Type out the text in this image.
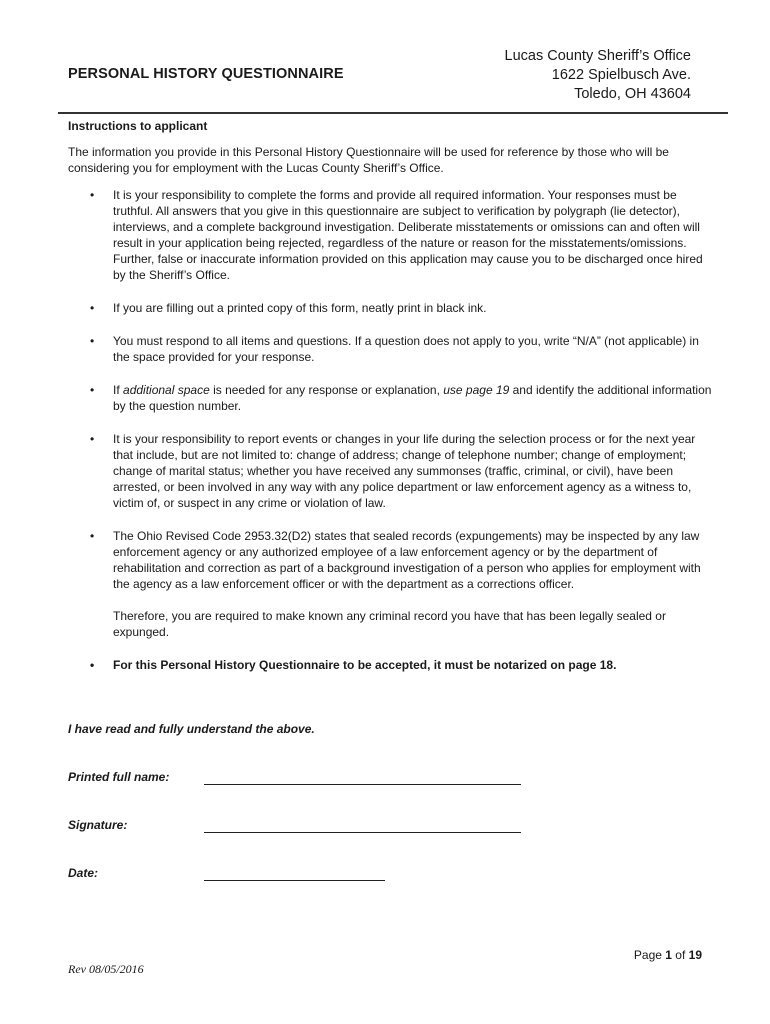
PERSONAL HISTORY QUESTIONNAIRE
Lucas County Sheriff’s Office
1622 Spielbusch Ave.
Toledo, OH 43604
Instructions to applicant
The information you provide in this Personal History Questionnaire will be used for reference by those who will be considering you for employment with the Lucas County Sheriff’s Office.
• It is your responsibility to complete the forms and provide all required information. Your responses must be truthful. All answers that you give in this questionnaire are subject to verification by polygraph (lie detector), interviews, and a complete background investigation. Deliberate misstatements or omissions can and often will result in your application being rejected, regardless of the nature or reason for the misstatements/omissions. Further, false or inaccurate information provided on this application may cause you to be discharged once hired by the Sheriff’s Office.
• If you are filling out a printed copy of this form, neatly print in black ink.
• You must respond to all items and questions. If a question does not apply to you, write “N/A” (not applicable) in the space provided for your response.
• If additional space is needed for any response or explanation, use page 19 and identify the additional information by the question number.
• It is your responsibility to report events or changes in your life during the selection process or for the next year that include, but are not limited to: change of address; change of telephone number; change of employment; change of marital status; whether you have received any summonses (traffic, criminal, or civil), have been arrested, or been involved in any way with any police department or law enforcement agency as a witness to, victim of, or suspect in any crime or violation of law.
• The Ohio Revised Code 2953.32(D2) states that sealed records (expungements) may be inspected by any law enforcement agency or any authorized employee of a law enforcement agency or by the department of rehabilitation and correction as part of a background investigation of a person who applies for employment with the agency as a law enforcement officer or with the department as a corrections officer.
Therefore, you are required to make known any criminal record you have that has been legally sealed or expunged.
• For this Personal History Questionnaire to be accepted, it must be notarized on page 18.
I have read and fully understand the above.
Printed full name:
Signature:
Date:
Page 1 of 19
Rev 08/05/2016
